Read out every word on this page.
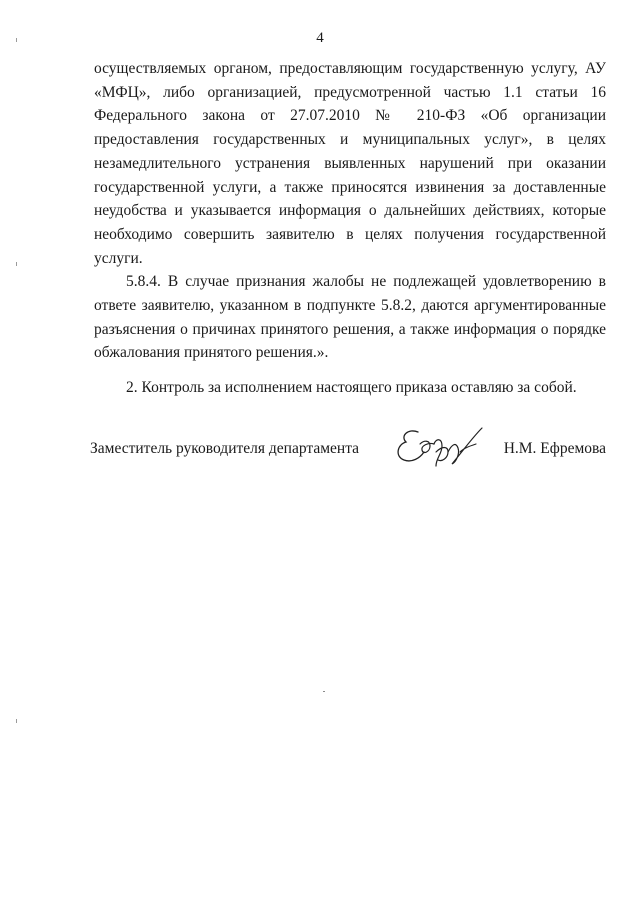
4

осуществляемых органом, предоставляющим государственную услугу, АУ «МФЦ», либо организацией, предусмотренной частью 1.1 статьи 16 Федерального закона от 27.07.2010 № 210-ФЗ «Об организации предоставления государственных и муниципальных услуг», в целях незамедлительного устранения выявленных нарушений при оказании государственной услуги, а также приносятся извинения за доставленные неудобства и указывается информация о дальнейших действиях, которые необходимо совершить заявителю в целях получения государственной услуги.

5.8.4. В случае признания жалобы не подлежащей удовлетворению в ответе заявителю, указанном в подпункте 5.8.2, даются аргументированные разъяснения о причинах принятого решения, а также информация о порядке обжалования принятого решения.».

2. Контроль за исполнением настоящего приказа оставляю за собой.

Заместитель руководителя департамента	Н.М. Ефремова
